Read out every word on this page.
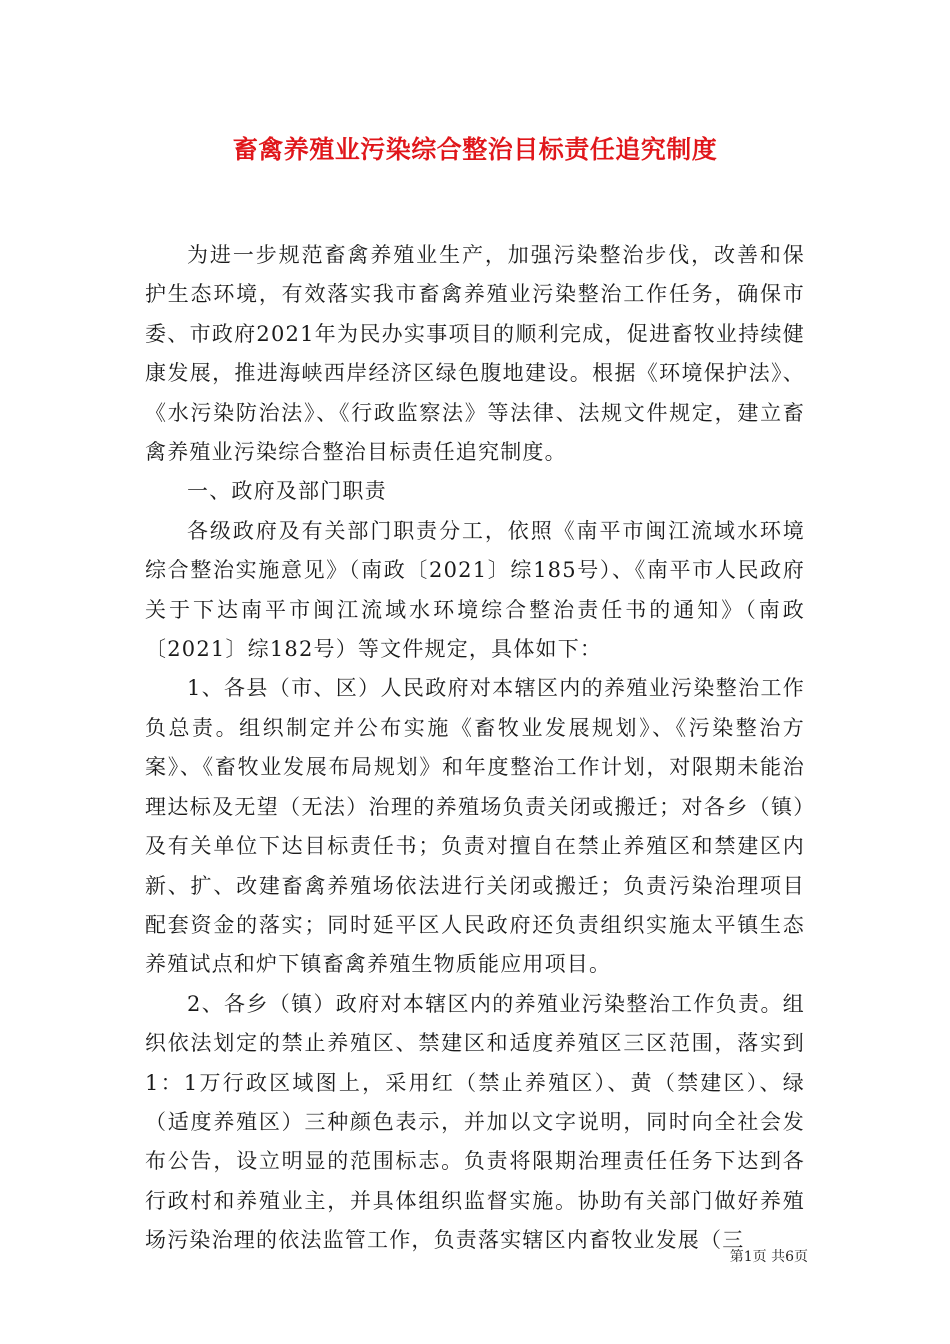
畜禽养殖业污染综合整治目标责任追究制度

为进一步规范畜禽养殖业生产，加强污染整治步伐，改善和保护生态环境，有效落实我市畜禽养殖业污染整治工作任务，确保市委、市政府2021年为民办实事项目的顺利完成，促进畜牧业持续健康发展，推进海峡西岸经济区绿色腹地建设。根据《环境保护法》、《水污染防治法》、《行政监察法》等法律、法规文件规定，建立畜禽养殖业污染综合整治目标责任追究制度。

一、政府及部门职责

各级政府及有关部门职责分工，依照《南平市闽江流域水环境综合整治实施意见》（南政〔2021〕综185号）、《南平市人民政府关于下达南平市闽江流域水环境综合整治责任书的通知》（南政〔2021〕综182号）等文件规定，具体如下：

1、各县（市、区）人民政府对本辖区内的养殖业污染整治工作负总责。组织制定并公布实施《畜牧业发展规划》、《污染整治方案》、《畜牧业发展布局规划》和年度整治工作计划，对限期未能治理达标及无望（无法）治理的养殖场负责关闭或搬迁；对各乡（镇）及有关单位下达目标责任书；负责对擅自在禁止养殖区和禁建区内新、扩、改建畜禽养殖场依法进行关闭或搬迁；负责污染治理项目配套资金的落实；同时延平区人民政府还负责组织实施太平镇生态养殖试点和炉下镇畜禽养殖生物质能应用项目。

2、各乡（镇）政府对本辖区内的养殖业污染整治工作负责。组织依法划定的禁止养殖区、禁建区和适度养殖区三区范围，落实到1：1万行政区域图上，采用红（禁止养殖区）、黄（禁建区）、绿（适度养殖区）三种颜色表示，并加以文字说明，同时向全社会发布公告，设立明显的范围标志。负责将限期治理责任任务下达到各行政村和养殖业主，并具体组织监督实施。协助有关部门做好养殖场污染治理的依法监管工作，负责落实辖区内畜牧业发展（三

第1页 共6页
